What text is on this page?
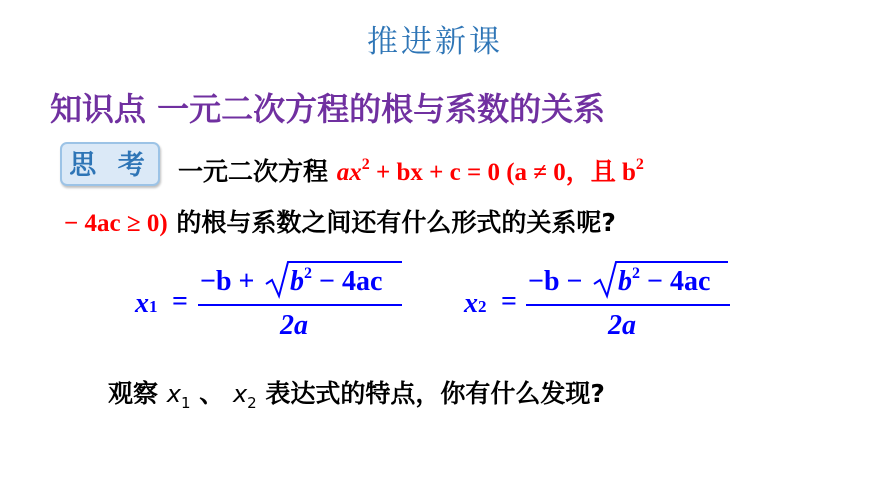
推进新课
知识点 一元二次方程的根与系数的关系
思 考	一元二次方程 $ax^2$ + bx + c = 0 (a ≠ 0，且 $b^2$
− 4ac ≥ 0) 的根与系数之间还有什么形式的关系呢?
x1 =
$-b + b^2 - 4ac$
2a
x2 =
$-b - b^2 - 4ac$
2a
观察 $x_1$ 、 $x_2$ 表达式的特点，你有什么发现?
